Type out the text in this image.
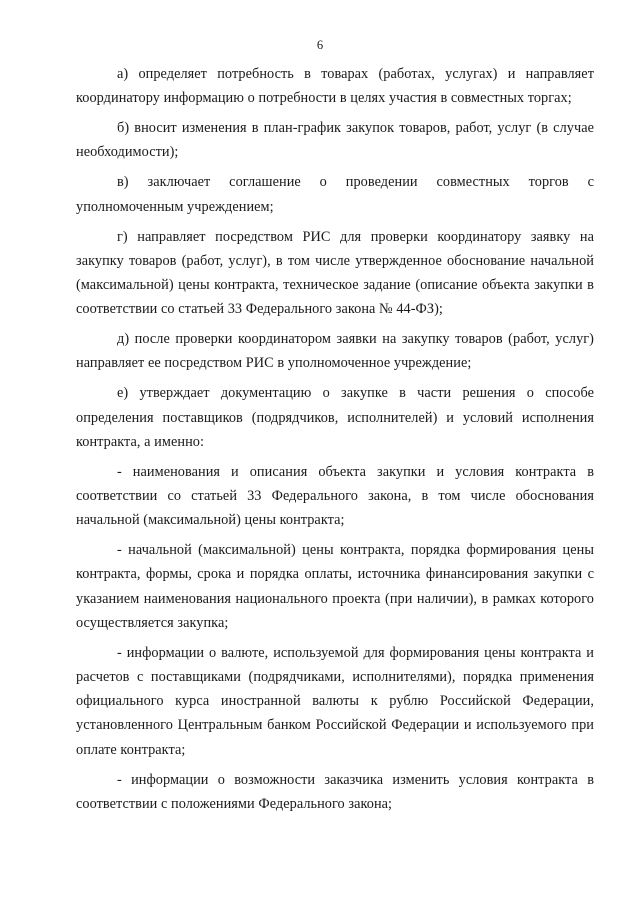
6

а) определяет потребность в товарах (работах, услугах) и направляет координатору информацию о потребности в целях участия в совместных торгах;

б) вносит изменения в план-график закупок товаров, работ, услуг (в случае необходимости);

в) заключает соглашение о проведении совместных торгов с уполномоченным учреждением;

г) направляет посредством РИС для проверки координатору заявку на закупку товаров (работ, услуг), в том числе утвержденное обоснование начальной (максимальной) цены контракта, техническое задание (описание объекта закупки в соответствии со статьей 33 Федерального закона № 44-ФЗ);

д) после проверки координатором заявки на закупку товаров (работ, услуг) направляет ее посредством РИС в уполномоченное учреждение;

е) утверждает документацию о закупке в части решения о способе определения поставщиков (подрядчиков, исполнителей) и условий исполнения контракта, а именно:

- наименования и описания объекта закупки и условия контракта в соответствии со статьей 33 Федерального закона, в том числе обоснования начальной (максимальной) цены контракта;

- начальной (максимальной) цены контракта, порядка формирования цены контракта, формы, срока и порядка оплаты, источника финансирования закупки с указанием наименования национального проекта (при наличии), в рамках которого осуществляется закупка;

- информации о валюте, используемой для формирования цены контракта и расчетов с поставщиками (подрядчиками, исполнителями), порядка применения официального курса иностранной валюты к рублю Российской Федерации, установленного Центральным банком Российской Федерации и используемого при оплате контракта;

- информации о возможности заказчика изменить условия контракта в соответствии с положениями Федерального закона;
